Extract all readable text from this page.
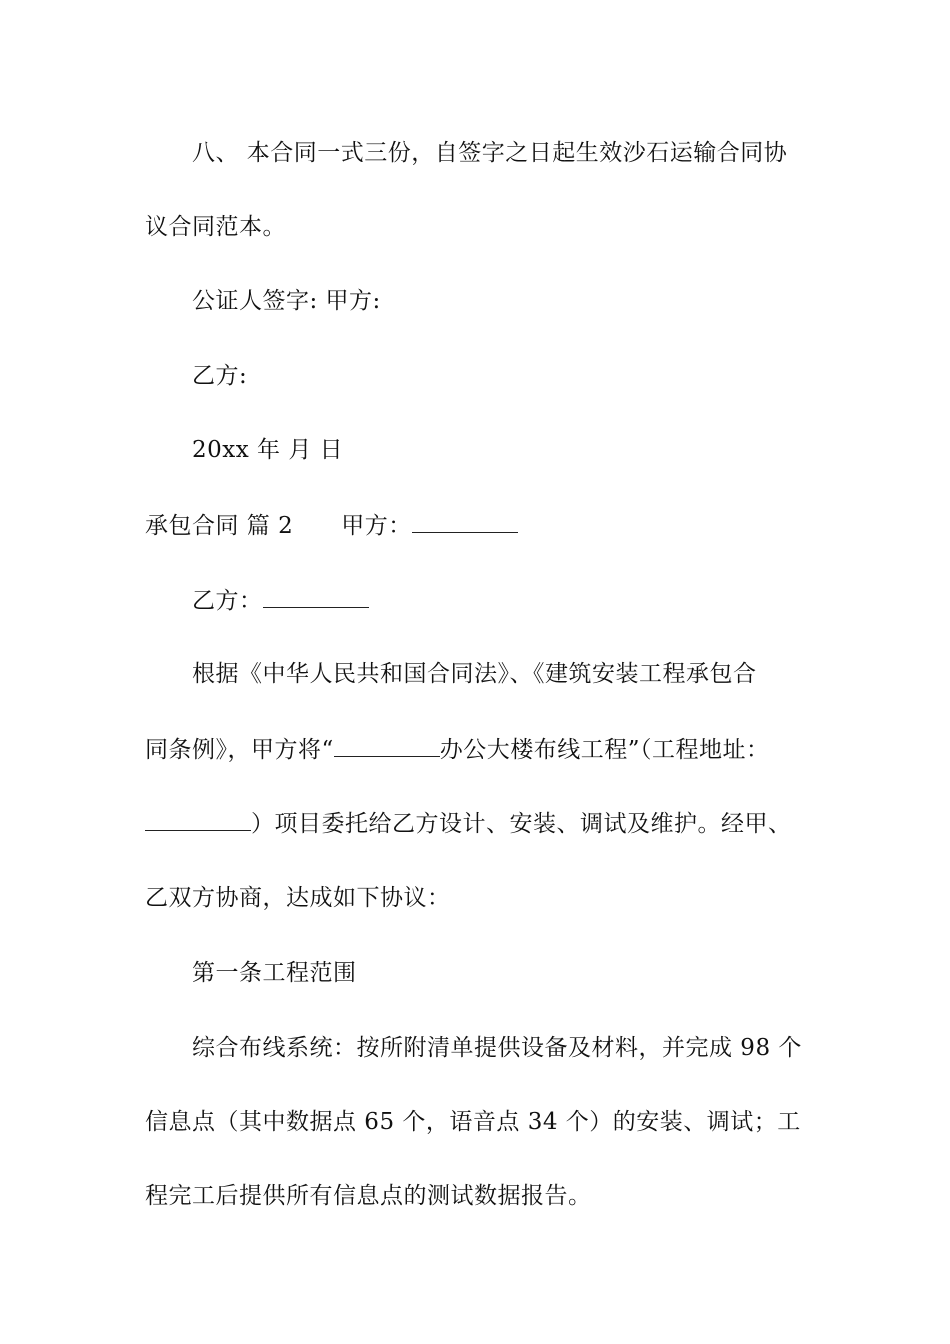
八、 本合同一式三份，自签字之日起生效沙石运输合同协
议合同范本。
公证人签字: 甲方:
乙方:
20xx 年 月 日
承包合同 篇 2 甲方：
乙方：
根据《中华人民共和国合同法》、《建筑安装工程承包合
同条例》，甲方将“	办公大楼布线工程”（工程地址：
）项目委托给乙方设计、安装、调试及维护。经甲、
乙双方协商，达成如下协议：
第一条工程范围
综合布线系统：按所附清单提供设备及材料，并完成 98 个
信息点（其中数据点 65 个，语音点 34 个）的安装、调试；工
程完工后提供所有信息点的测试数据报告。
